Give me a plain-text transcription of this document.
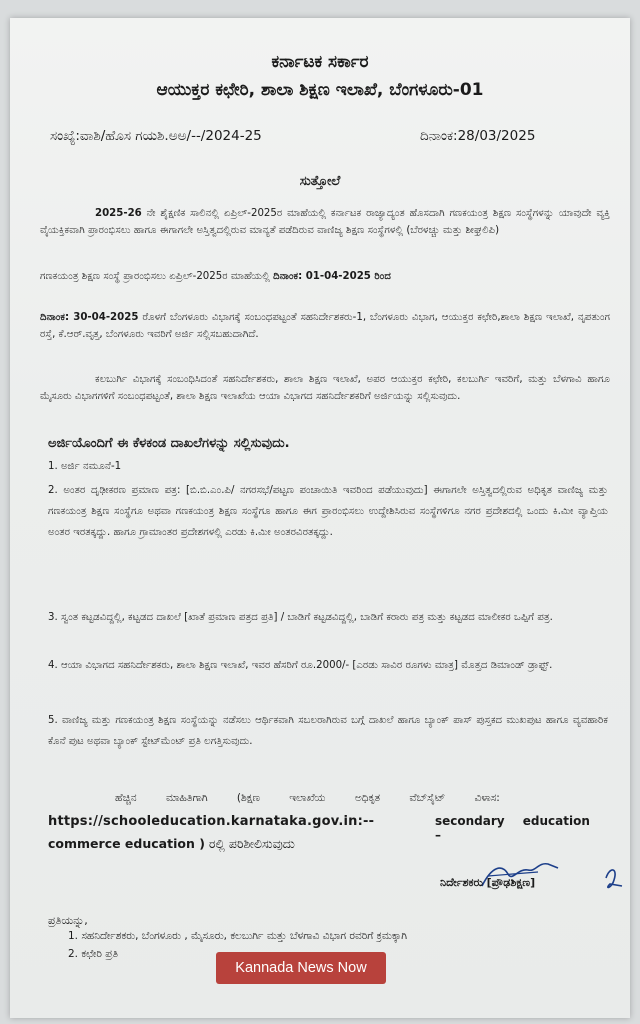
ಕರ್ನಾಟಕ ಸರ್ಕಾರ
ಆಯುಕ್ತರ ಕಛೇರಿ, ಶಾಲಾ ಶಿಕ್ಷಣ ಇಲಾಖೆ, ಬೆಂಗಳೂರು-01
ಸಂಖ್ಯೆ:ವಾಶಿ/ಹೊಸ ಗಯಶಿ.ಅಅ/--/2024-25	ದಿನಾಂಕ:28/03/2025
ಸುತ್ತೋಲೆ
2025-26 ನೇ ಶೈಕ್ಷಣಿಕ ಸಾಲಿನಲ್ಲಿ ಏಪ್ರಿಲ್-2025ರ ಮಾಹೆಯಲ್ಲಿ ಕರ್ನಾಟಕ ರಾಜ್ಯಾದ್ಯಂತ ಹೊಸದಾಗಿ ಗಣಕಯಂತ್ರ ಶಿಕ್ಷಣ ಸಂಸ್ಥೆಗಳನ್ನು ಯಾವುದೇ ವ್ಯಕ್ತಿ ವೈಯಕ್ತಿಕವಾಗಿ ಪ್ರಾರಂಭಿಸಲು ಹಾಗೂ ಈಗಾಗಲೇ ಅಸ್ತಿತ್ವದಲ್ಲಿರುವ ಮಾನ್ಯತೆ ಪಡೆದಿರುವ ವಾಣಿಜ್ಯ ಶಿಕ್ಷಣ ಸಂಸ್ಥೆಗಳಲ್ಲಿ (ಬೆರಳಚ್ಚು ಮತ್ತು ಶೀಘ್ರಲಿಪಿ)
ಗಣಕಯಂತ್ರ ಶಿಕ್ಷಣ ಸಂಸ್ಥೆ ಪ್ರಾರಂಭಿಸಲು ಏಪ್ರಿಲ್-2025ರ ಮಾಹೆಯಲ್ಲಿ ದಿನಾಂಕ: 01-04-2025 ರಿಂದ
ದಿನಾಂಕ: 30-04-2025 ರೊಳಗೆ ಬೆಂಗಳೂರು ವಿಭಾಗಕ್ಕೆ ಸಂಬಂಧಪಟ್ಟಂತೆ ಸಹನಿರ್ದೇಶಕರು-1, ಬೆಂಗಳೂರು ವಿಭಾಗ, ಆಯುಕ್ತರ ಕಛೇರಿ,ಶಾಲಾ ಶಿಕ್ಷಣ ಇಲಾಖೆ, ನೃಪತುಂಗ ರಸ್ತೆ, ಕೆ.ಆರ್.ವೃತ್ತ, ಬೆಂಗಳೂರು ಇವರಿಗೆ ಅರ್ಜಿ ಸಲ್ಲಿಸಬಹುದಾಗಿದೆ.
ಕಲಬುರ್ಗಿ ವಿಭಾಗಕ್ಕೆ ಸಂಬಂಧಿಸಿದಂತೆ ಸಹನಿರ್ದೇಶಕರು, ಶಾಲಾ ಶಿಕ್ಷಣ ಇಲಾಖೆ, ಅಪರ ಆಯುಕ್ತರ ಕಛೇರಿ, ಕಲಬುರ್ಗಿ ಇವರಿಗೆ, ಮತ್ತು ಬೆಳಗಾವಿ ಹಾಗೂ ಮೈಸೂರು ವಿಭಾಗಗಳಿಗೆ ಸಂಬಂಧಪಟ್ಟಂತೆ, ಶಾಲಾ ಶಿಕ್ಷಣ ಇಲಾಖೆಯ ಆಯಾ ವಿಭಾಗದ ಸಹನಿರ್ದೇಶಕರಿಗೆ ಅರ್ಜಿಯನ್ನು ಸಲ್ಲಿಸುವುದು.
ಅರ್ಜಿಯೊಂದಿಗೆ ಈ ಕೆಳಕಂಡ ದಾಖಲೆಗಳನ್ನು ಸಲ್ಲಿಸುವುದು.
1. ಅರ್ಜಿ ನಮೂನೆ-1
2. ಅಂತರ ದೃಢೀಕರಣ ಪ್ರಮಾಣ ಪತ್ರ: [ಬಿ.ಬಿ.ಎಂ.ಪಿ/ ನಗರಸಭೆ/ಪಟ್ಟಣ ಪಂಚಾಯಿತಿ ಇವರಿಂದ ಪಡೆಯುವುದು] ಈಗಾಗಲೇ ಅಸ್ತಿತ್ವದಲ್ಲಿರುವ ಅಧಿಕೃತ ವಾಣಿಜ್ಯ ಮತ್ತು ಗಣಕಯಂತ್ರ ಶಿಕ್ಷಣ ಸಂಸ್ಥೆಗೂ ಅಥವಾ ಗಣಕಯಂತ್ರ ಶಿಕ್ಷಣ ಸಂಸ್ಥೆಗೂ ಹಾಗೂ ಈಗ ಪ್ರಾರಂಭಿಸಲು ಉದ್ದೇಶಿಸಿರುವ ಸಂಸ್ಥೆಗಳಿಗೂ ನಗರ ಪ್ರದೇಶದಲ್ಲಿ ಒಂದು ಕಿ.ಮೀ ವ್ಯಾಪ್ತಿಯ ಅಂತರ ಇರತಕ್ಕದ್ದು. ಹಾಗೂ ಗ್ರಾಮಾಂತರ ಪ್ರದೇಶಗಳಲ್ಲಿ ಎರಡು ಕಿ.ಮೀ ಅಂತರವಿರತಕ್ಕದ್ದು.
3. ಸ್ವಂತ ಕಟ್ಟಡವಿದ್ದಲ್ಲಿ, ಕಟ್ಟಡದ ದಾಖಲೆ [ಖಾತೆ ಪ್ರಮಾಣ ಪತ್ರದ ಪ್ರತಿ] / ಬಾಡಿಗೆ ಕಟ್ಟಡವಿದ್ದಲ್ಲಿ, ಬಾಡಿಗೆ ಕರಾರು ಪತ್ರ ಮತ್ತು ಕಟ್ಟಡದ ಮಾಲೀಕರ ಒಪ್ಪಿಗೆ ಪತ್ರ.
4. ಆಯಾ ವಿಭಾಗದ ಸಹನಿರ್ದೇಶಕರು, ಶಾಲಾ ಶಿಕ್ಷಣ ಇಲಾಖೆ, ಇವರ ಹೆಸರಿಗೆ ರೂ.2000/- [ಎರಡು ಸಾವಿರ ರೂಗಳು ಮಾತ್ರ] ಮೊತ್ತದ ಡಿಮಾಂಡ್ ಡ್ರಾಫ್ಟ್.
5. ವಾಣಿಜ್ಯ ಮತ್ತು ಗಣಕಯಂತ್ರ ಶಿಕ್ಷಣ ಸಂಸ್ಥೆಯನ್ನು ನಡೆಸಲು ಆರ್ಥಿಕವಾಗಿ ಸಬಲರಾಗಿರುವ ಬಗ್ಗೆ ದಾಖಲೆ ಹಾಗೂ ಬ್ಯಾಂಕ್ ಪಾಸ್ ಪುಸ್ತಕದ ಮುಖಪುಟ ಹಾಗೂ ವ್ಯವಹಾರಿಕ ಕೊನೆ ಪುಟ ಅಥವಾ ಬ್ಯಾಂಕ್ ಸ್ಟೇಟ್‌ಮೆಂಟ್ ಪ್ರತಿ ಲಗತ್ತಿಸುವುದು.
ಹೆಚ್ಚಿನ ಮಾಹಿತಿಗಾಗಿ (ಶಿಕ್ಷಣ ಇಲಾಖೆಯ ಅಧಿಕೃತ ವೆಬ್‌ಸೈಟ್ ವಿಳಾಸ:
https://schooleducation.karnataka.gov.in:--	secondary education –
commerce education ) ರಲ್ಲಿ ಪರಿಶೀಲಿಸುವುದು
ನಿರ್ದೇಶಕರು [ಪ್ರೌಢಶಿಕ್ಷಣ]
ಪ್ರತಿಯನ್ನು,
1. ಸಹನಿರ್ದೇಶಕರು, ಬೆಂಗಳೂರು , ಮೈಸೂರು, ಕಲಬುರ್ಗಿ ಮತ್ತು ಬೆಳಗಾವಿ ವಿಭಾಗ ರವರಿಗೆ ಕ್ರಮಕ್ಕಾಗಿ
2. ಕಛೇರಿ ಪ್ರತಿ
Kannada News Now
